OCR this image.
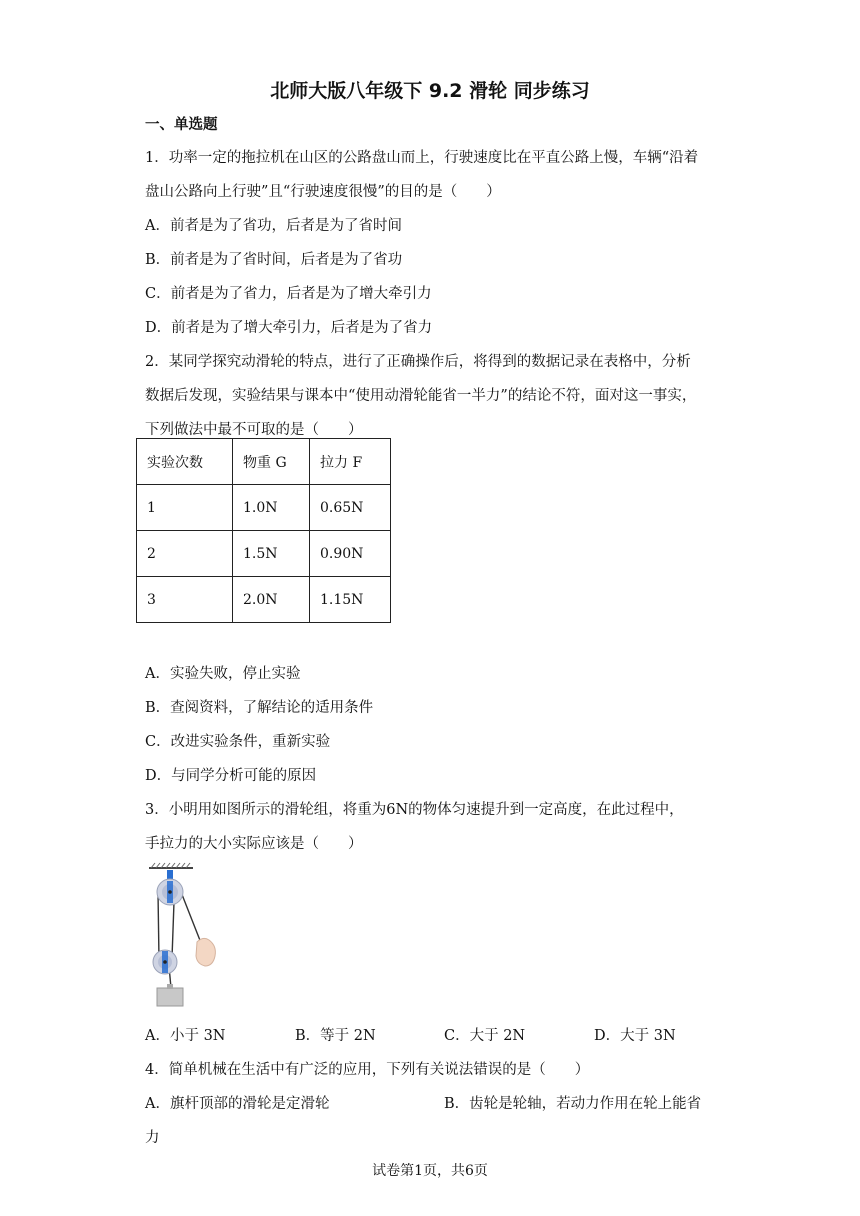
北师大版八年级下 9.2 滑轮 同步练习
一、单选题
1．功率一定的拖拉机在山区的公路盘山而上，行驶速度比在平直公路上慢，车辆“沿着
盘山公路向上行驶”且“行驶速度很慢”的目的是（　　）
A．前者是为了省功，后者是为了省时间
B．前者是为了省时间，后者是为了省功
C．前者是为了省力，后者是为了增大牵引力
D．前者是为了增大牵引力，后者是为了省力
2．某同学探究动滑轮的特点，进行了正确操作后，将得到的数据记录在表格中，分析
数据后发现，实验结果与课本中“使用动滑轮能省一半力”的结论不符，面对这一事实，
下列做法中最不可取的是（　　）
实验次数	物重 G	拉力 F
1	1.0N	0.65N
2	1.5N	0.90N
3	2.0N	1.15N
A．实验失败，停止实验
B．查阅资料，了解结论的适用条件
C．改进实验条件，重新实验
D．与同学分析可能的原因
3．小明用如图所示的滑轮组，将重为6N的物体匀速提升到一定高度，在此过程中，
手拉力的大小实际应该是（　　）
A．小于 3N	B．等于 2N	C．大于 2N	D．大于 3N
4．简单机械在生活中有广泛的应用，下列有关说法错误的是（　　）
A．旗杆顶部的滑轮是定滑轮	B．齿轮是轮轴，若动力作用在轮上能省
力
试卷第1页，共6页
